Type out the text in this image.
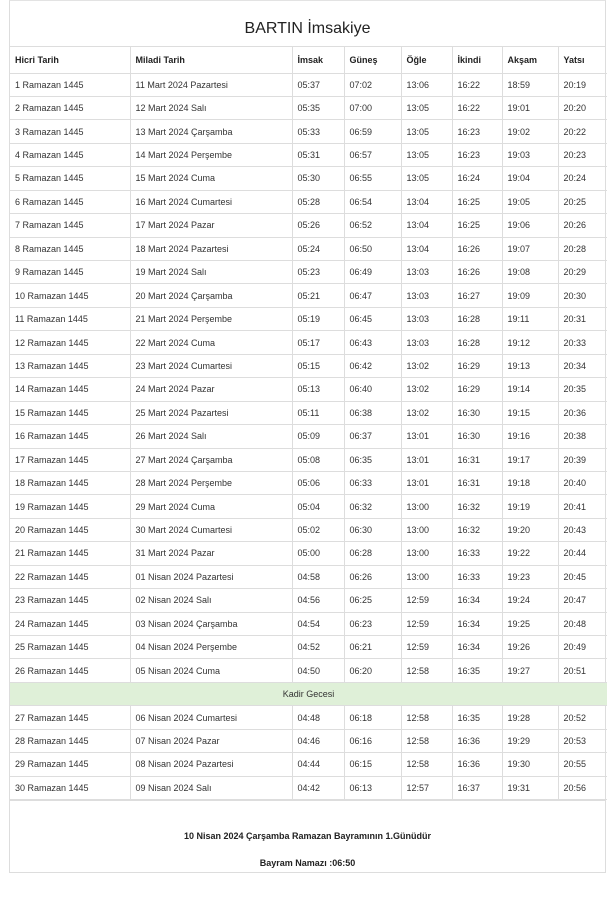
BARTIN İmsakiye
Hicri Tarih	Miladi Tarih	İmsak	Güneş	Öğle	İkindi	Akşam	Yatsı
1 Ramazan 1445	11 Mart 2024 Pazartesi	05:37	07:02	13:06	16:22	18:59	20:19
2 Ramazan 1445	12 Mart 2024 Salı	05:35	07:00	13:05	16:22	19:01	20:20
3 Ramazan 1445	13 Mart 2024 Çarşamba	05:33	06:59	13:05	16:23	19:02	20:22
4 Ramazan 1445	14 Mart 2024 Perşembe	05:31	06:57	13:05	16:23	19:03	20:23
5 Ramazan 1445	15 Mart 2024 Cuma	05:30	06:55	13:05	16:24	19:04	20:24
6 Ramazan 1445	16 Mart 2024 Cumartesi	05:28	06:54	13:04	16:25	19:05	20:25
7 Ramazan 1445	17 Mart 2024 Pazar	05:26	06:52	13:04	16:25	19:06	20:26
8 Ramazan 1445	18 Mart 2024 Pazartesi	05:24	06:50	13:04	16:26	19:07	20:28
9 Ramazan 1445	19 Mart 2024 Salı	05:23	06:49	13:03	16:26	19:08	20:29
10 Ramazan 1445	20 Mart 2024 Çarşamba	05:21	06:47	13:03	16:27	19:09	20:30
11 Ramazan 1445	21 Mart 2024 Perşembe	05:19	06:45	13:03	16:28	19:11	20:31
12 Ramazan 1445	22 Mart 2024 Cuma	05:17	06:43	13:03	16:28	19:12	20:33
13 Ramazan 1445	23 Mart 2024 Cumartesi	05:15	06:42	13:02	16:29	19:13	20:34
14 Ramazan 1445	24 Mart 2024 Pazar	05:13	06:40	13:02	16:29	19:14	20:35
15 Ramazan 1445	25 Mart 2024 Pazartesi	05:11	06:38	13:02	16:30	19:15	20:36
16 Ramazan 1445	26 Mart 2024 Salı	05:09	06:37	13:01	16:30	19:16	20:38
17 Ramazan 1445	27 Mart 2024 Çarşamba	05:08	06:35	13:01	16:31	19:17	20:39
18 Ramazan 1445	28 Mart 2024 Perşembe	05:06	06:33	13:01	16:31	19:18	20:40
19 Ramazan 1445	29 Mart 2024 Cuma	05:04	06:32	13:00	16:32	19:19	20:41
20 Ramazan 1445	30 Mart 2024 Cumartesi	05:02	06:30	13:00	16:32	19:20	20:43
21 Ramazan 1445	31 Mart 2024 Pazar	05:00	06:28	13:00	16:33	19:22	20:44
22 Ramazan 1445	01 Nisan 2024 Pazartesi	04:58	06:26	13:00	16:33	19:23	20:45
23 Ramazan 1445	02 Nisan 2024 Salı	04:56	06:25	12:59	16:34	19:24	20:47
24 Ramazan 1445	03 Nisan 2024 Çarşamba	04:54	06:23	12:59	16:34	19:25	20:48
25 Ramazan 1445	04 Nisan 2024 Perşembe	04:52	06:21	12:59	16:34	19:26	20:49
26 Ramazan 1445	05 Nisan 2024 Cuma	04:50	06:20	12:58	16:35	19:27	20:51
Kadir Gecesi							
27 Ramazan 1445	06 Nisan 2024 Cumartesi	04:48	06:18	12:58	16:35	19:28	20:52
28 Ramazan 1445	07 Nisan 2024 Pazar	04:46	06:16	12:58	16:36	19:29	20:53
29 Ramazan 1445	08 Nisan 2024 Pazartesi	04:44	06:15	12:58	16:36	19:30	20:55
30 Ramazan 1445	09 Nisan 2024 Salı	04:42	06:13	12:57	16:37	19:31	20:56
10 Nisan 2024 Çarşamba Ramazan Bayramının 1.Günüdür
Bayram Namazı :06:50
